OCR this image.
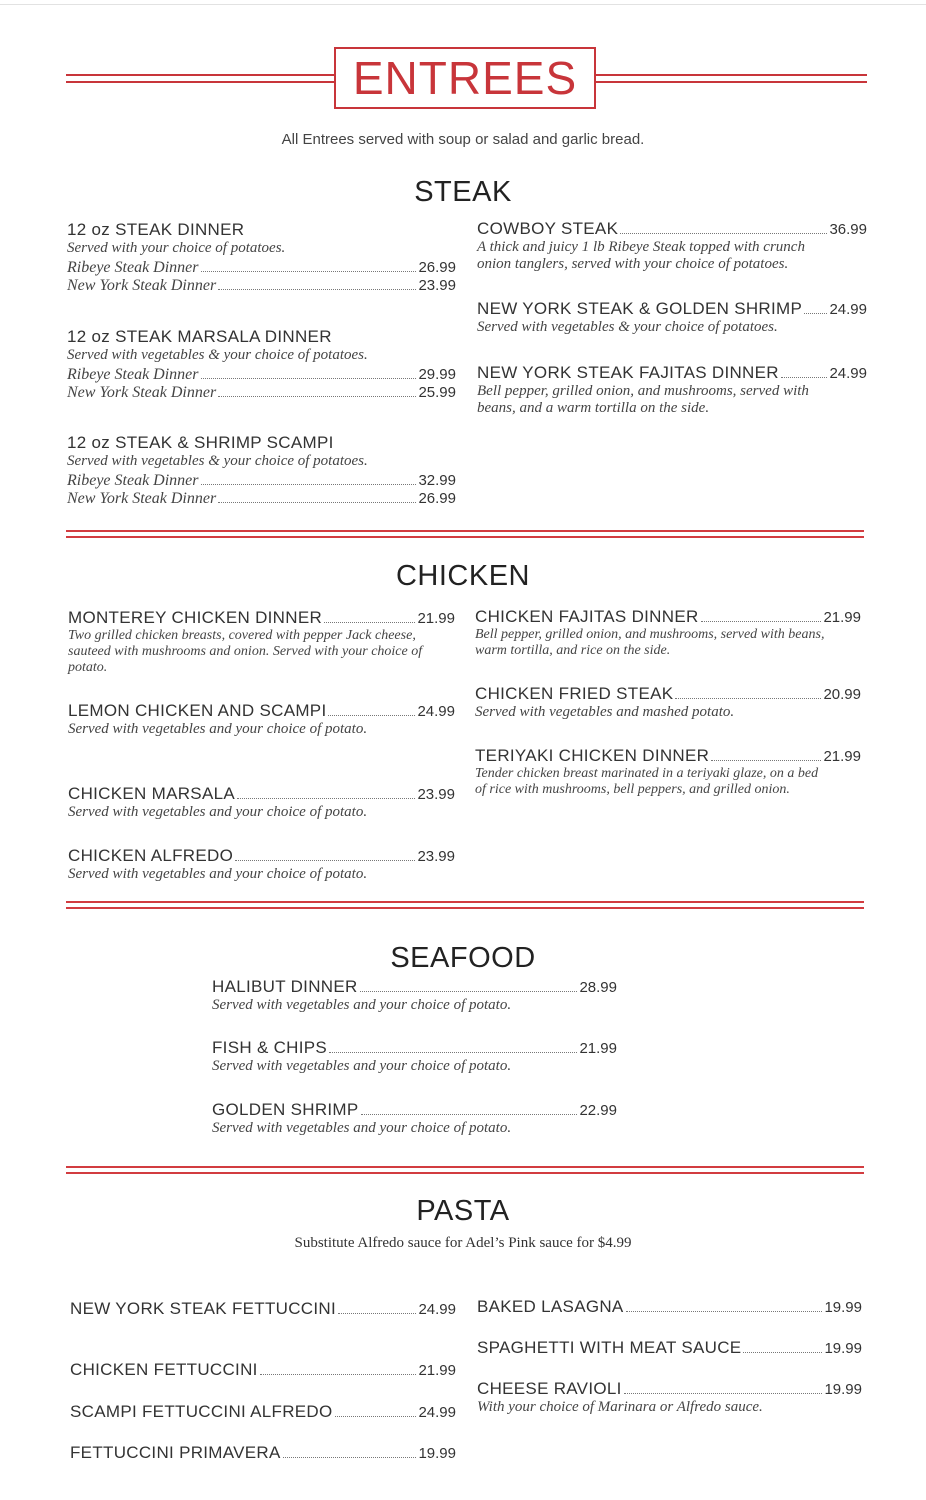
ENTREES
All Entrees served with soup or salad and garlic bread.
STEAK
12 oz STEAK DINNER
Served with your choice of potatoes.
Ribeye Steak Dinner	26.99
New York Steak Dinner	23.99
12 oz STEAK MARSALA DINNER
Served with vegetables & your choice of potatoes.
Ribeye Steak Dinner	29.99
New York Steak Dinner	25.99
12 oz STEAK & SHRIMP SCAMPI
Served with vegetables & your choice of potatoes.
Ribeye Steak Dinner	32.99
New York Steak Dinner	26.99
COWBOY STEAK	36.99
A thick and juicy 1 lb Ribeye Steak topped with crunch onion tanglers, served with your choice of potatoes.
NEW YORK STEAK & GOLDEN SHRIMP 24.99
Served with vegetables & your choice of potatoes.
NEW YORK STEAK FAJITAS DINNER	24.99
Bell pepper, grilled onion, and mushrooms, served with beans, and a warm tortilla on the side.
CHICKEN
MONTEREY CHICKEN DINNER	21.99
Two grilled chicken breasts, covered with pepper Jack cheese, sauteed with mushrooms and onion. Served with your choice of potato.
LEMON CHICKEN AND SCAMPI	24.99
Served with vegetables and your choice of potato.
CHICKEN MARSALA	23.99
Served with vegetables and your choice of potato.
CHICKEN ALFREDO	23.99
Served with vegetables and your choice of potato.
CHICKEN FAJITAS DINNER	21.99
Bell pepper, grilled onion, and mushrooms, served with beans, warm tortilla, and rice on the side.
CHICKEN FRIED STEAK	20.99
Served with vegetables and mashed potato.
TERIYAKI CHICKEN DINNER	21.99
Tender chicken breast marinated in a teriyaki glaze, on a bed of rice with mushrooms, bell peppers, and grilled onion.
SEAFOOD
HALIBUT DINNER	28.99
Served with vegetables and your choice of potato.
FISH & CHIPS	21.99
Served with vegetables and your choice of potato.
GOLDEN SHRIMP	22.99
Served with vegetables and your choice of potato.
PASTA
Substitute Alfredo sauce for Adel’s Pink sauce for $4.99
NEW YORK STEAK FETTUCCINI	24.99
CHICKEN FETTUCCINI	21.99
SCAMPI FETTUCCINI ALFREDO	24.99
FETTUCCINI PRIMAVERA	19.99
BAKED LASAGNA	19.99
SPAGHETTI WITH MEAT SAUCE	19.99
CHEESE RAVIOLI	19.99
With your choice of Marinara or Alfredo sauce.
